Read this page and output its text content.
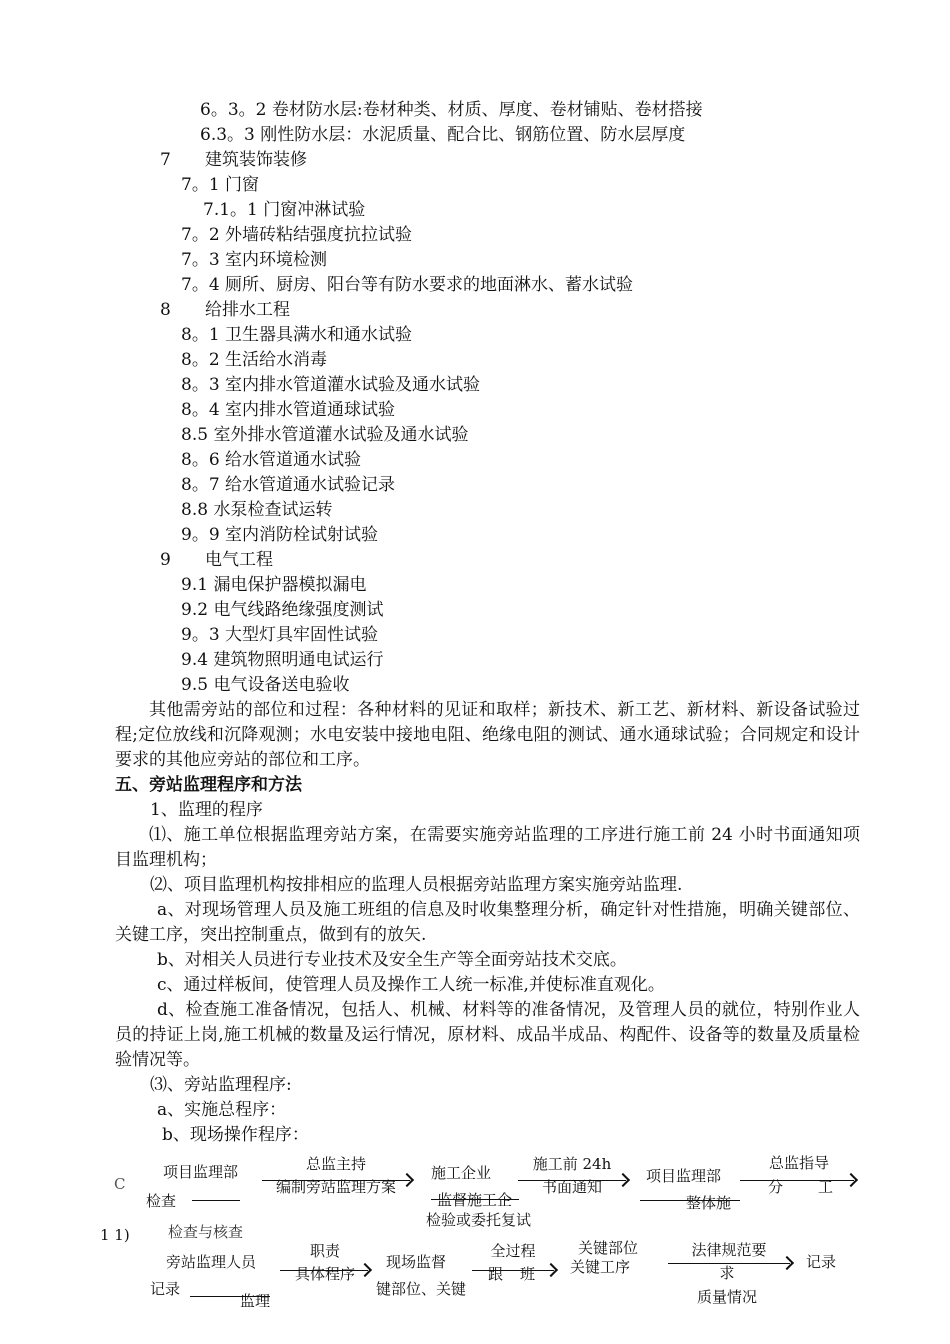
6。3。2 卷材防水层:卷材种类、材质、厚度、卷材铺贴、卷材搭接
6.3。3 刚性防水层：水泥质量、配合比、钢筋位置、防水层厚度
7 建筑装饰装修
7。1 门窗
7.1。1 门窗冲淋试验
7。2 外墙砖粘结强度抗拉试验
7。3 室内环境检测
7。4 厕所、厨房、阳台等有防水要求的地面淋水、蓄水试验
8 给排水工程
8。1 卫生器具满水和通水试验
8。2 生活给水消毒
8。3 室内排水管道灌水试验及通水试验
8。4 室内排水管道通球试验
8.5 室外排水管道灌水试验及通水试验
8。6 给水管道通水试验
8。7 给水管道通水试验记录
8.8 水泵检查试运转
9。9 室内消防栓试射试验
9 电气工程
9.1 漏电保护器模拟漏电
9.2 电气线路绝缘强度测试
9。3 大型灯具牢固性试验
9.4 建筑物照明通电试运行
9.5 电气设备送电验收
其他需旁站的部位和过程：各种材料的见证和取样；新技术、新工艺、新材料、新设备试验过程;定位放线和沉降观测；水电安装中接地电阻、绝缘电阻的测试、通水通球试验；合同规定和设计要求的其他应旁站的部位和工序。
五、旁站监理程序和方法
1、监理的程序
⑴、施工单位根据监理旁站方案，在需要实施旁站监理的工序进行施工前 24 小时书面通知项目监理机构；
⑵、项目监理机构按排相应的监理人员根据旁站监理方案实施旁站监理.
a、对现场管理人员及施工班组的信息及时收集整理分析，确定针对性措施，明确关键部位、关键工序，突出控制重点，做到有的放矢.
b、对相关人员进行专业技术及安全生产等全面旁站技术交底。
c、通过样板间，使管理人员及操作工人统一标准,并使标准直观化。
d、检查施工准备情况，包括人、机械、材料等的准备情况，及管理人员的就位，特别作业人员的持证上岗,施工机械的数量及运行情况，原材料、成品半成品、构配件、设备等的数量及质量检验情况等。
⑶、旁站监理程序:
a、实施总程序：
b、现场操作程序：
C
项目监理部
检查
总监主持
编制旁站监理方案
施工企业
监督施工企
检验或委托复试
施工前 24h
书面通知
项目监理部
整体施
总监指导
分 工
1 1)	检查与核查
旁站监理人员
记录
监理
职责
具体程序
现场监督
键部位、关键
全过程
跟 班
关键部位
关键工序
法律规范要
求
质量情况
记录
